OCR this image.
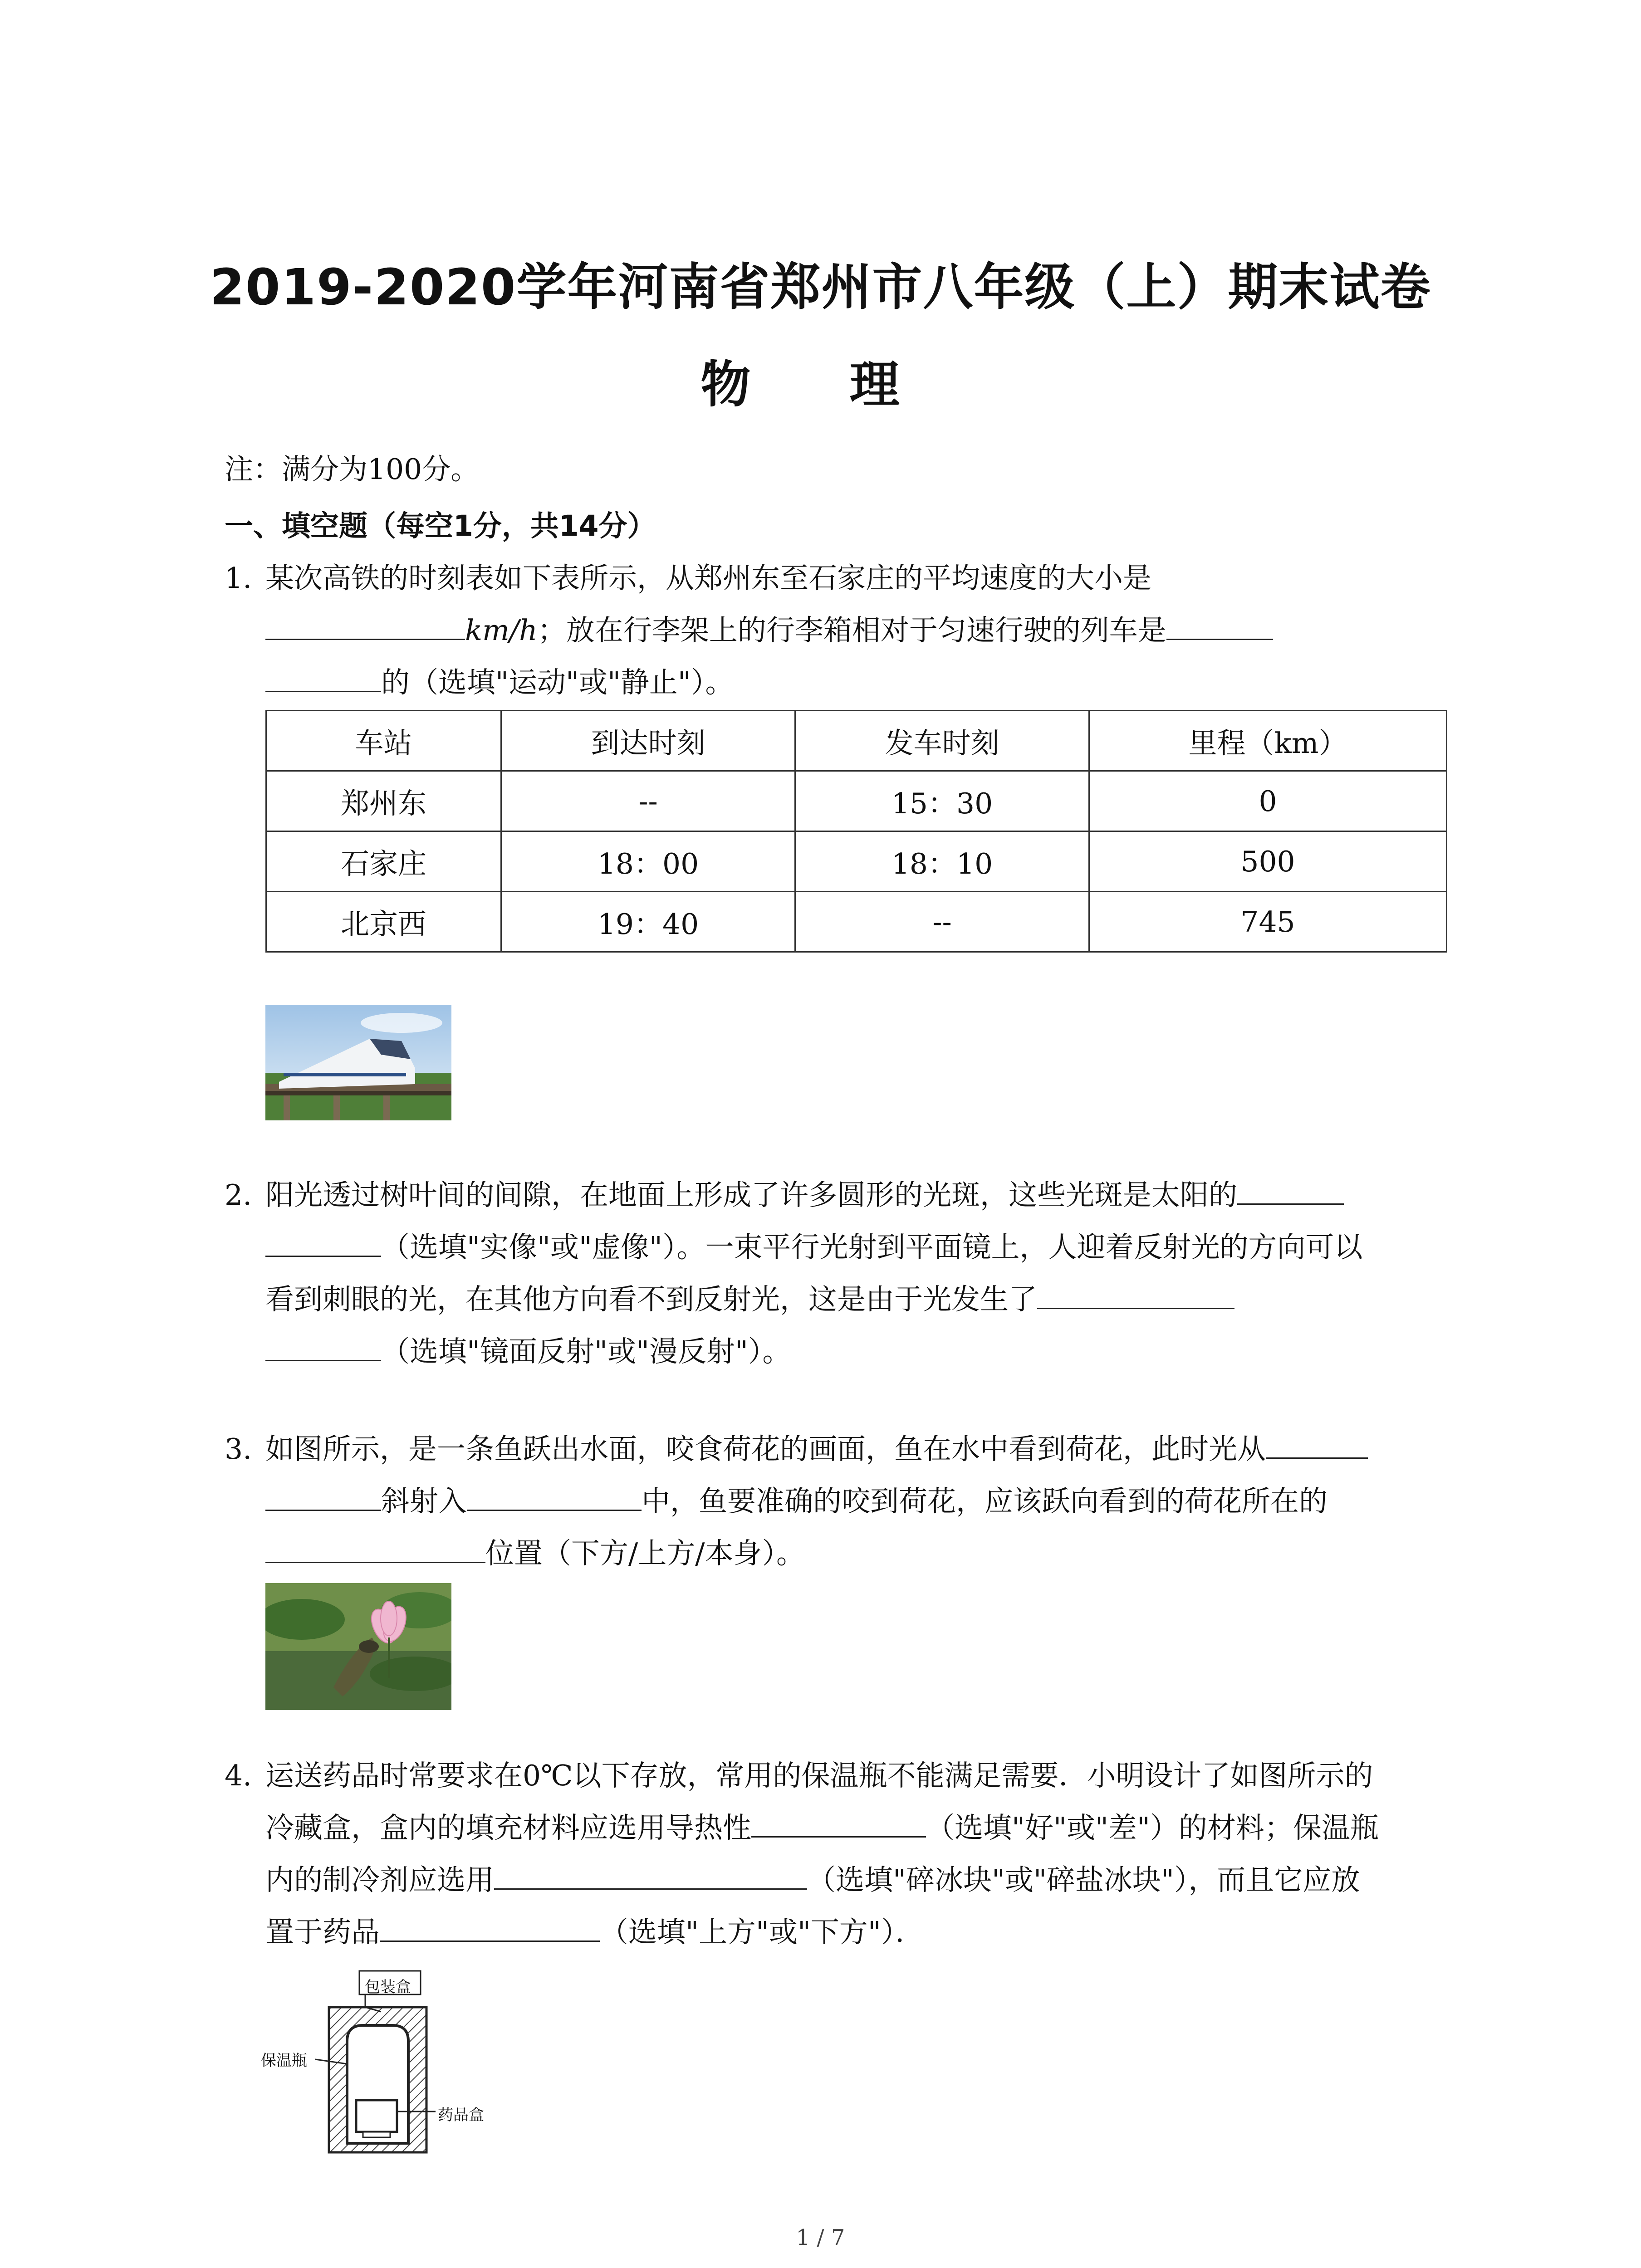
2019-2020学年河南省郑州市八年级（上）期末试卷
物 理
注：满分为100分。
一、填空题（每空1分，共14分）
1. 某次高铁的时刻表如下表所示，从郑州东至石家庄的平均速度的大小是
km/h；放在行李架上的行李箱相对于匀速行驶的列车是
的（选填"运动"或"静止"）。
车站	到达时刻	发车时刻	里程（km）
郑州东	--	15：30	0
石家庄	18：00	18：10	500
北京西	19：40	--	745
2. 阳光透过树叶间的间隙，在地面上形成了许多圆形的光斑，这些光斑是太阳的
（选填"实像"或"虚像"）。一束平行光射到平面镜上，人迎着反射光的方向可以
看到刺眼的光，在其他方向看不到反射光，这是由于光发生了
（选填"镜面反射"或"漫反射"）。
3. 如图所示，是一条鱼跃出水面，咬食荷花的画面，鱼在水中看到荷花，此时光从
斜射入	中，鱼要准确的咬到荷花，应该跃向看到的荷花所在的
位置（下方/上方/本身）。
4. 运送药品时常要求在0℃以下存放，常用的保温瓶不能满足需要．小明设计了如图所示的
冷藏盒，盒内的填充材料应选用导热性	（选填"好"或"差"）的材料；保温瓶
内的制冷剂应选用	（选填"碎冰块"或"碎盐冰块"），而且它应放
置于药品	（选填"上方"或"下方"）．
包装盒
保温瓶
药品盒
1 / 7
